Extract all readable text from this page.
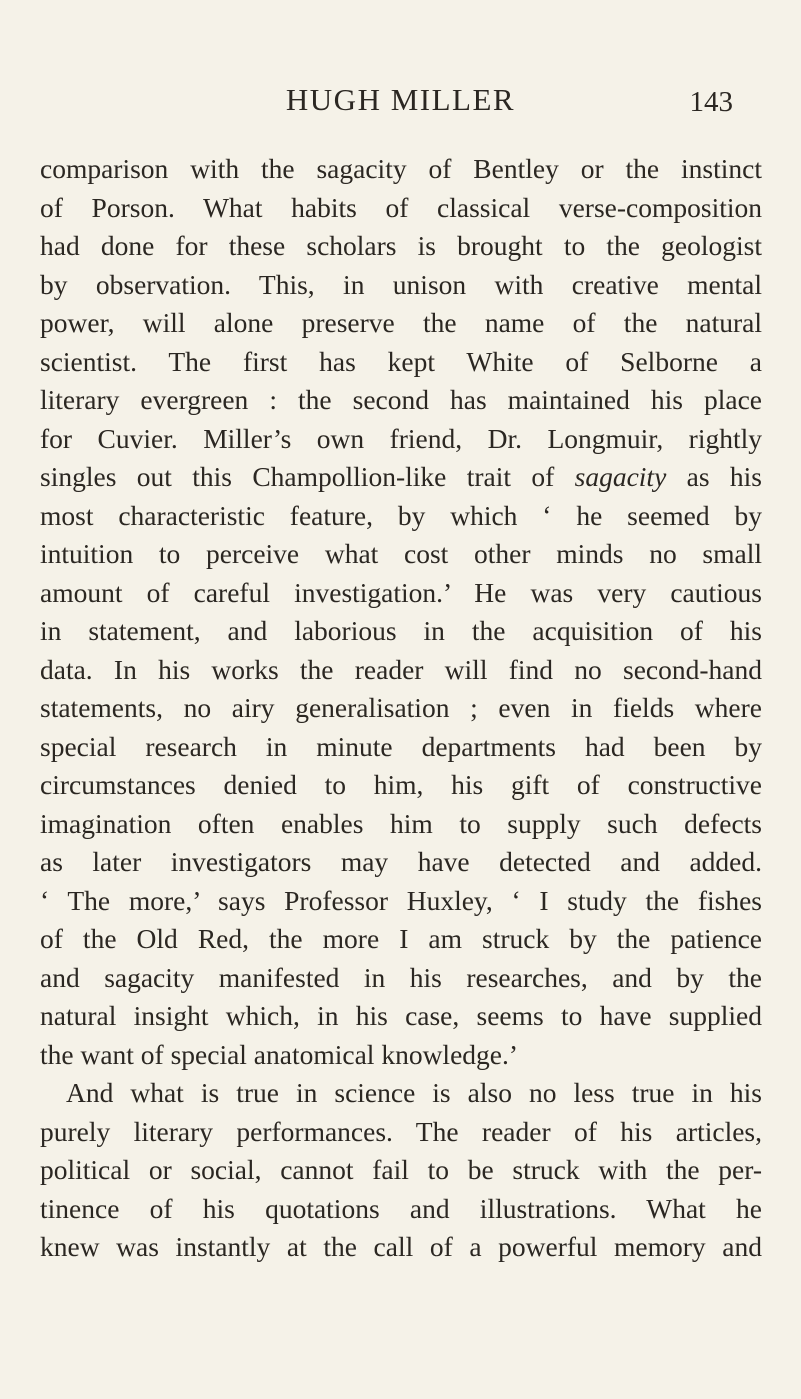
HUGH MILLER	143
comparison with the sagacity of Bentley or the instinct
of Porson. What habits of classical verse-composition
had done for these scholars is brought to the geologist
by observation. This, in unison with creative mental
power, will alone preserve the name of the natural
scientist. The first has kept White of Selborne a
literary evergreen : the second has maintained his place
for Cuvier. Miller’s own friend, Dr. Longmuir, rightly
singles out this Champollion-like trait of sagacity as his
most characteristic feature, by which ‘ he seemed by
intuition to perceive what cost other minds no small
amount of careful investigation.’ He was very cautious
in statement, and laborious in the acquisition of his
data. In his works the reader will find no second-hand
statements, no airy generalisation ; even in fields where
special research in minute departments had been by
circumstances denied to him, his gift of constructive
imagination often enables him to supply such defects
as later investigators may have detected and added.
‘ The more,’ says Professor Huxley, ‘ I study the fishes
of the Old Red, the more I am struck by the patience
and sagacity manifested in his researches, and by the
natural insight which, in his case, seems to have supplied
the want of special anatomical knowledge.’
And what is true in science is also no less true in his
purely literary performances. The reader of his articles,
political or social, cannot fail to be struck with the per-
tinence of his quotations and illustrations. What he
knew was instantly at the call of a powerful memory and
